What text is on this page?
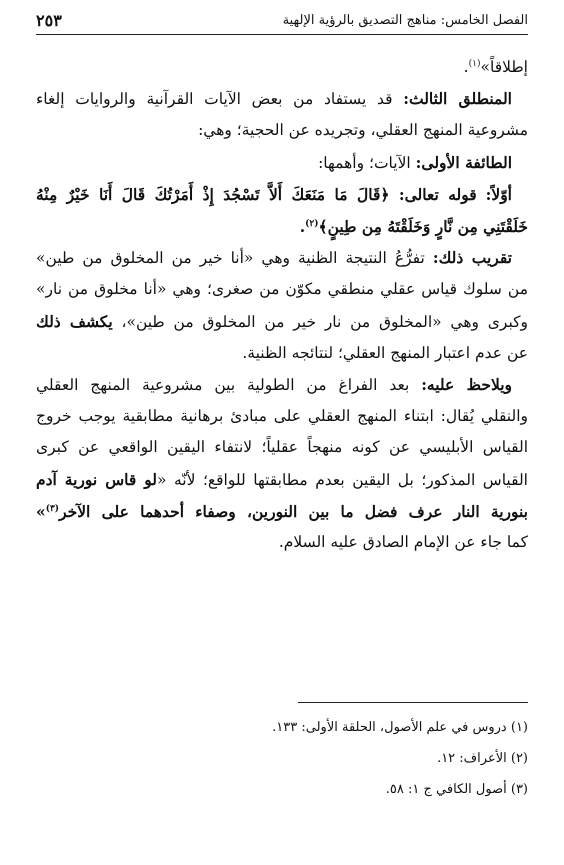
الفصل الخامس: مناهج التصديق بالرؤية الإلهية
٢٥٣
إطلاقاً»$^{(١)}$.
المنطلق الثالث: قد يستفاد من بعض الآيات القرآنية والروايات إلغاء
مشروعية المنهج العقلي، وتجريده عن الحجية؛ وهي:
الطائفة الأولى: الآيات؛ وأهمها:
أوّلاً: قوله تعالى: ﴿قَالَ مَا مَنَعَكَ أَلاَّ تَسْجُدَ إِذْ أَمَرْتُكَ قَالَ أَنَا خَيْرٌ مِنْهُ
خَلَقْتَنِي مِن نَّارٍ وَخَلَقْتَهُ مِن طِينٍ﴾$^{(٢)}$.
تقريب ذلك: تفرُّعُ النتيجة الظنية وهي «أنا خير من المخلوق من طين»
من سلوك قياس عقلي منطقي مكوّن من صغرى؛ وهي «أنا مخلوق من نار»
وكبرى وهي «المخلوق من نار خير من المخلوق من طين»، يكشف ذلك
عن عدم اعتبار المنهج العقلي؛ لنتائجه الظنية.
ويلاحظ عليه: بعد الفراغ من الطولية بين مشروعية المنهج العقلي
والنقلي يُقال: ابتناء المنهج العقلي على مبادئ برهانية مطابقية يوجب خروج
القياس الأبليسي عن كونه منهجاً عقلياً؛ لانتفاء اليقين الواقعي عن كبرى
القياس المذكور؛ بل اليقين بعدم مطابقتها للواقع؛ لأنّه «لو قاس نورية آدم
بنورية النار عرف فضل ما بين النورين، وصفاء أحدهما على الآخر$^{(٣)}$»
كما جاء عن الإمام الصادق عليه السلام.
(١) دروس في علم الأصول، الحلقة الأولى: ١٣٣.
(٢) الأعراف: ١٢.
(٣) أصول الكافي ج ١: ٥٨.
